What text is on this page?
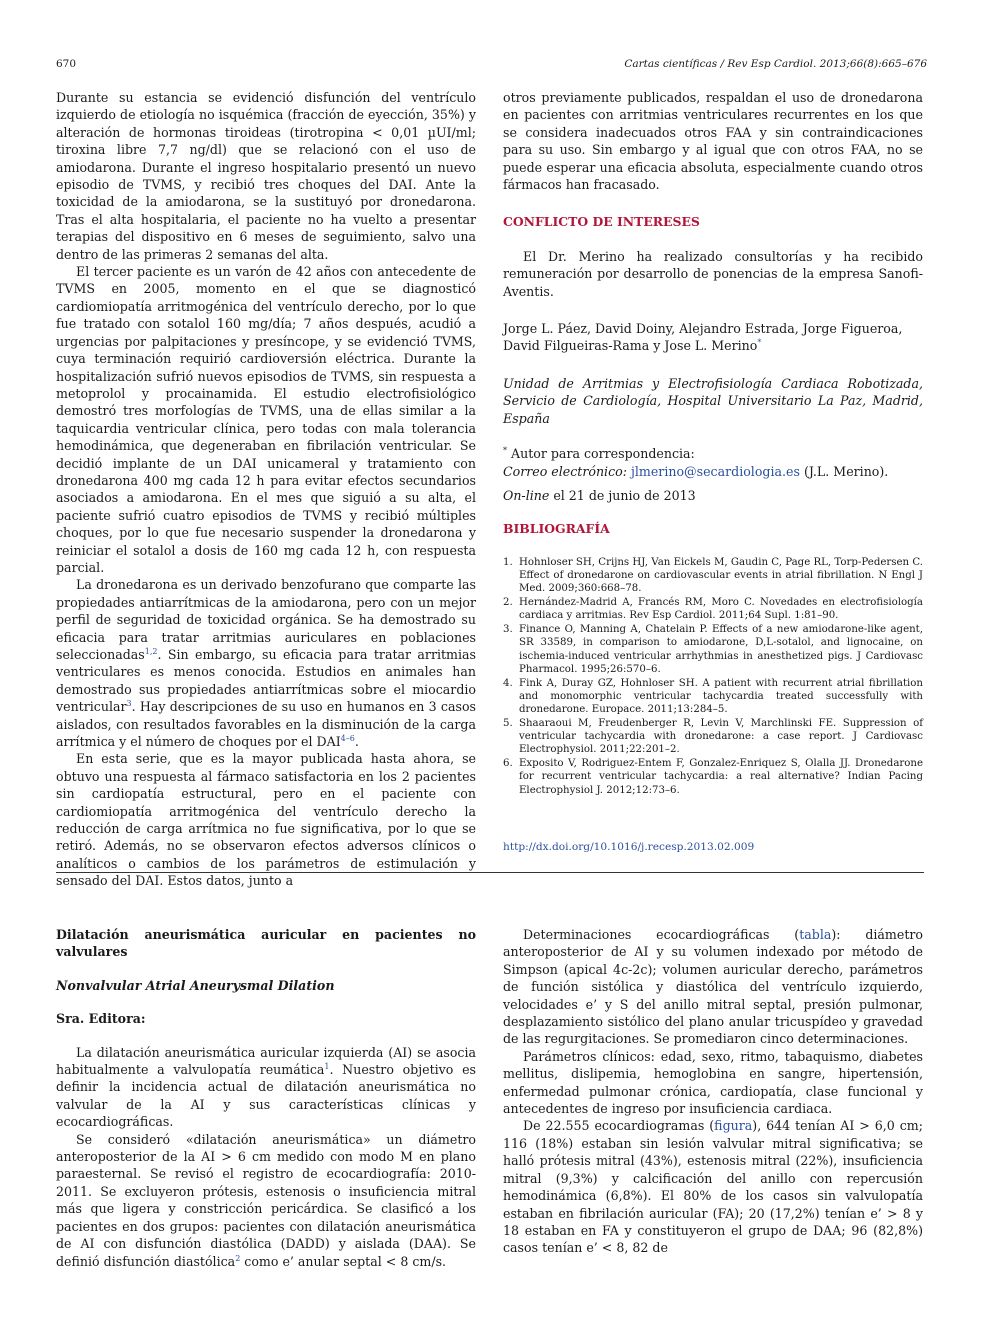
670	Cartas científicas / Rev Esp Cardiol. 2013;66(8):665–676

Durante su estancia se evidenció disfunción del ventrículo izquierdo de etiología no isquémica (fracción de eyección, 35%) y alteración de hormonas tiroideas (tirotropina < 0,01 µUI/ml; tiroxina libre 7,7 ng/dl) que se relacionó con el uso de amiodarona. Durante el ingreso hospitalario presentó un nuevo episodio de TVMS, y recibió tres choques del DAI. Ante la toxicidad de la amiodarona, se la sustituyó por dronedarona. Tras el alta hospitalaria, el paciente no ha vuelto a presentar terapias del dispositivo en 6 meses de seguimiento, salvo una dentro de las primeras 2 semanas del alta.

El tercer paciente es un varón de 42 años con antecedente de TVMS en 2005, momento en el que se diagnosticó cardiomiopatía arritmogénica del ventrículo derecho, por lo que fue tratado con sotalol 160 mg/día; 7 años después, acudió a urgencias por palpitaciones y presíncope, y se evidenció TVMS, cuya terminación requirió cardioversión eléctrica. Durante la hospitalización sufrió nuevos episodios de TVMS, sin respuesta a metoprolol y procainamida. El estudio electrofisiológico demostró tres morfologías de TVMS, una de ellas similar a la taquicardia ventricular clínica, pero todas con mala tolerancia hemodinámica, que degeneraban en fibrilación ventricular. Se decidió implante de un DAI unicameral y tratamiento con dronedarona 400 mg cada 12 h para evitar efectos secundarios asociados a amiodarona. En el mes que siguió a su alta, el paciente sufrió cuatro episodios de TVMS y recibió múltiples choques, por lo que fue necesario suspender la dronedarona y reiniciar el sotalol a dosis de 160 mg cada 12 h, con respuesta parcial.

La dronedarona es un derivado benzofurano que comparte las propiedades antiarrítmicas de la amiodarona, pero con un mejor perfil de seguridad de toxicidad orgánica. Se ha demostrado su eficacia para tratar arritmias auriculares en poblaciones seleccionadas$^{1,2}$. Sin embargo, su eficacia para tratar arritmias ventriculares es menos conocida. Estudios en animales han demostrado sus propiedades antiarrítmicas sobre el miocardio ventricular$^3$. Hay descripciones de su uso en humanos en 3 casos aislados, con resultados favorables en la disminución de la carga arrítmica y el número de choques por el DAI$^{4-6}$.

En esta serie, que es la mayor publicada hasta ahora, se obtuvo una respuesta al fármaco satisfactoria en los 2 pacientes sin cardiopatía estructural, pero en el paciente con cardiomiopatía arritmogénica del ventrículo derecho la reducción de carga arrítmica no fue significativa, por lo que se retiró. Además, no se observaron efectos adversos clínicos o analíticos o cambios de los parámetros de estimulación y sensado del DAI. Estos datos, junto a

otros previamente publicados, respaldan el uso de dronedarona en pacientes con arritmias ventriculares recurrentes en los que se considera inadecuados otros FAA y sin contraindicaciones para su uso. Sin embargo y al igual que con otros FAA, no se puede esperar una eficacia absoluta, especialmente cuando otros fármacos han fracasado.

CONFLICTO DE INTERESES

El Dr. Merino ha realizado consultorías y ha recibido remuneración por desarrollo de ponencias de la empresa Sanofi-Aventis.

Jorge L. Páez, David Doiny, Alejandro Estrada, Jorge Figueroa, David Filgueiras-Rama y Jose L. Merino*

Unidad de Arritmias y Electrofisiología Cardiaca Robotizada, Servicio de Cardiología, Hospital Universitario La Paz, Madrid, España

* Autor para correspondencia:

Correo electrónico: jlmerino@secardiologia.es (J.L. Merino).

On-line el 21 de junio de 2013

BIBLIOGRAFÍA

1. Hohnloser SH, Crijns HJ, Van Eickels M, Gaudin C, Page RL, Torp-Pedersen C. Effect of dronedarone on cardiovascular events in atrial fibrillation. N Engl J Med. 2009;360:668–78.
2. Hernández-Madrid A, Francés RM, Moro C. Novedades en electrofisiología cardiaca y arritmias. Rev Esp Cardiol. 2011;64 Supl. 1:81–90.
3. Finance O, Manning A, Chatelain P. Effects of a new amiodarone-like agent, SR 33589, in comparison to amiodarone, D,L-sotalol, and lignocaine, on ischemia-induced ventricular arrhythmias in anesthetized pigs. J Cardiovasc Pharmacol. 1995;26:570–6.
4. Fink A, Duray GZ, Hohnloser SH. A patient with recurrent atrial fibrillation and monomorphic ventricular tachycardia treated successfully with dronedarone. Europace. 2011;13:284–5.
5. Shaaraoui M, Freudenberger R, Levin V, Marchlinski FE. Suppression of ventricular tachycardia with dronedarone: a case report. J Cardiovasc Electrophysiol. 2011;22:201–2.
6. Exposito V, Rodriguez-Entem F, Gonzalez-Enriquez S, Olalla JJ. Dronedarone for recurrent ventricular tachycardia: a real alternative? Indian Pacing Electrophysiol J. 2012;12:73–6.

http://dx.doi.org/10.1016/j.recesp.2013.02.009

Dilatación aneurismática auricular en pacientes no valvulares

Nonvalvular Atrial Aneurysmal Dilation

Sra. Editora:

La dilatación aneurismática auricular izquierda (AI) se asocia habitualmente a valvulopatía reumática$^1$. Nuestro objetivo es definir la incidencia actual de dilatación aneurismática no valvular de la AI y sus características clínicas y ecocardiográficas.

Se consideró «dilatación aneurismática» un diámetro anteroposterior de la AI > 6 cm medido con modo M en plano paraesternal. Se revisó el registro de ecocardiografía: 2010-2011. Se excluyeron prótesis, estenosis o insuficiencia mitral más que ligera y constricción pericárdica. Se clasificó a los pacientes en dos grupos: pacientes con dilatación aneurismática de AI con disfunción diastólica (DADD) y aislada (DAA). Se definió disfunción diastólica$^2$ como e’ anular septal < 8 cm/s.

Determinaciones ecocardiográficas (tabla): diámetro anteroposterior de AI y su volumen indexado por método de Simpson (apical 4c-2c); volumen auricular derecho, parámetros de función sistólica y diastólica del ventrículo izquierdo, velocidades e’ y S del anillo mitral septal, presión pulmonar, desplazamiento sistólico del plano anular tricuspídeo y gravedad de las regurgitaciones. Se promediaron cinco determinaciones.

Parámetros clínicos: edad, sexo, ritmo, tabaquismo, diabetes mellitus, dislipemia, hemoglobina en sangre, hipertensión, enfermedad pulmonar crónica, cardiopatía, clase funcional y antecedentes de ingreso por insuficiencia cardiaca.

De 22.555 ecocardiogramas (figura), 644 tenían AI > 6,0 cm; 116 (18%) estaban sin lesión valvular mitral significativa; se halló prótesis mitral (43%), estenosis mitral (22%), insuficiencia mitral (9,3%) y calcificación del anillo con repercusión hemodinámica (6,8%). El 80% de los casos sin valvulopatía estaban en fibrilación auricular (FA); 20 (17,2%) tenían e’ > 8 y 18 estaban en FA y constituyeron el grupo de DAA; 96 (82,8%) casos tenían e’ < 8, 82 de
